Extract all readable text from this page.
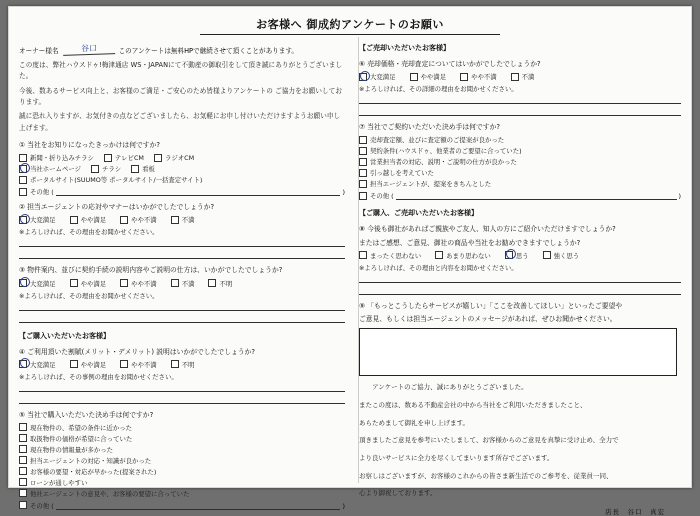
お客様へ 御成約アンケートのお願い
オーナー様名	谷口	このアンケートは無料HPで継続させて頂くことがあります。

この度は、弊社ハウスドゥ!梅津通店 WS・JAPANにて不動産の御取引をして頂き誠にありがとうございました。

今後、数あるサービス向上と、お客様のご満足・ご安心のため皆様よりアンケートの ご協力をお願いしております。

誠に恐れ入りますが、お気付きの点などございましたら、お気軽にお申し付けいただけますようお願い申し上げます。

① 当社をお知りになったきっかけは何ですか?
新聞・折り込みチラシ	テレビCM	ラジオCM
当社ホームページ	チラシ	看板
ポータルサイト(SUUMO等 ポータルサイト/一括査定サイト)
その他 (	)
② 担当エージェントの応対やマナーはいかがでしたでしょうか?
大変満足	やや満足	やや不満	不満
※よろしければ、その理由をお聞かせください。
③ 物件案内、並びに契約手続の説明内容やご説明の仕方は、いかがでしたでしょうか?
大変満足	やや満足	やや不満	不満	不明
※よろしければ、その理由をお聞かせください。
【ご購入いただいたお客様】
④ ご利用頂いた割賦(メリット・デメリット) 説明はいかがでしたでしょうか?
大変満足	やや満足	やや不満	不明
※よろしければ、その事例の理由をお聞かせください。
⑤ 当社で購入いただいた決め手は何ですか?
現在物件の、希望の条件に近かった
取扱物件の価格が希望に合っていた
現在物件の情報量が多かった
担当エージェントの対応・知識が良かった
お客様の要望・対応が早かった(提案された)
ローンが通しやすい
他社エージェントの意見や、お客様の要望に合っていた
その他 (	)
【ご売却いただいたお客様】
⑥ 売却価格・売却査定についてはいかがでしたでしょうか?
大変満足	やや満足	やや不満	不満
※よろしければ、その詳細の理由をお聞かせください。
⑦ 当社でご契約いただいた決め手は何ですか?
売却査定額、並びに査定額のご提案が良かった
契約条件(ハウスドゥ、他業者のご要望に合っていた)
営業担当者の対応、説明・ご説明の仕方が良かった
引っ越しを考えていた
担当エージェントが、提案をきちんとした
その他 (	)
【ご購入、ご売却いただいたお客様】
⑧ 今後も御社があればご親族やご友人、知人の方にご紹介いただけますでしょうか?
またはご感想、ご意見、御社の商品や当社をお勧めできますでしょうか?
まったく思わない	あまり思わない	思う	強く思う
※よろしければ、その理由と内容をお聞かせください。
⑨ 「もっとこうしたらサービスが嬉しい」「ここを改善してほしい」といったご要望や
ご意見、もしくは担当エージェントのメッセージがあれば、ぜひお聞かせください。
　　アンケートのご協力、誠にありがとうございました。
またこの度は、数ある不動産会社の中から当社をご利用いただきましたこと、
あらためまして御礼を申し上げます。
頂きましたご意見を参考にいたしまして、お客様からのご意見を真摯に受け止め、全力で
より良いサービスに全力を尽くしてまいります所存でございます。
お察しはございますが、お客様のこれからの皆さま新生活でのご参考を、従業員一同、
心より御祝しております。
店長　谷口　真宏
